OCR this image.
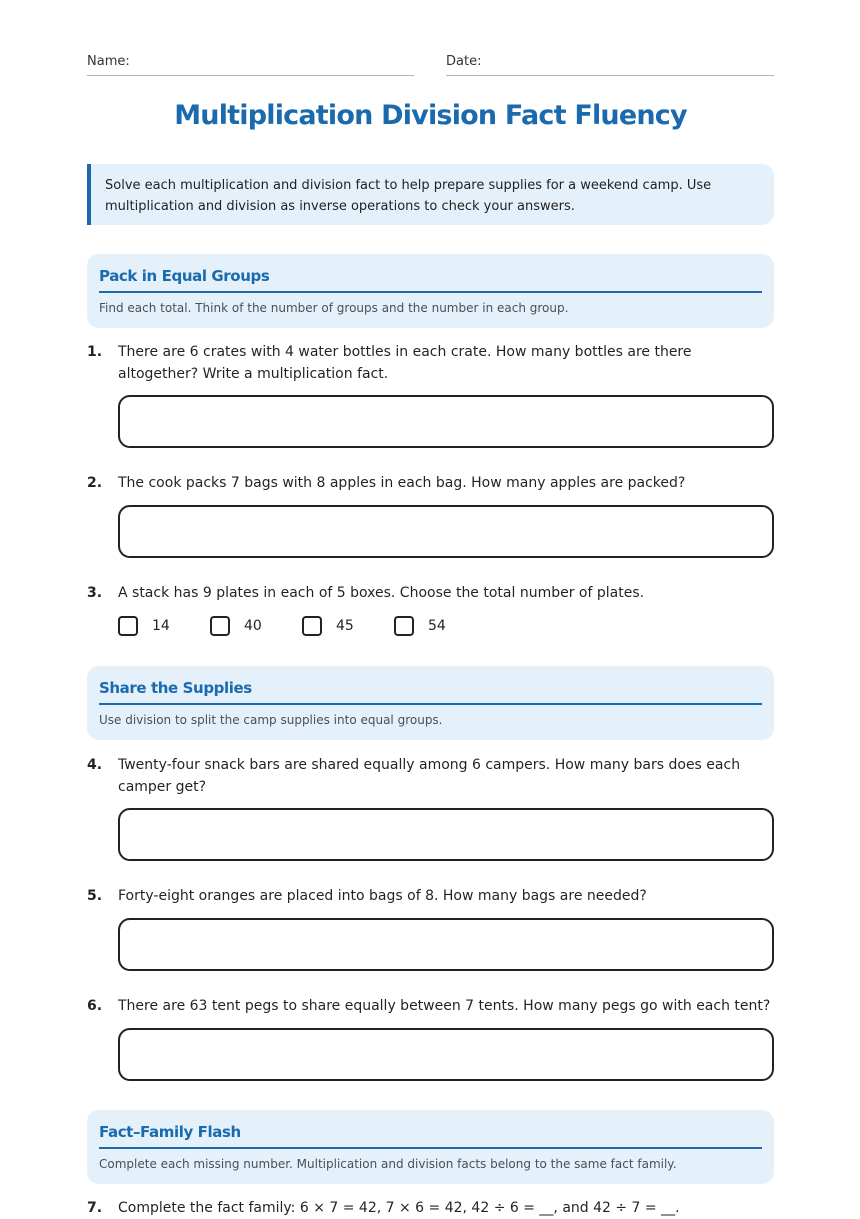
Name:	Date:
Multiplication Division Fact Fluency
Solve each multiplication and division fact to help prepare supplies for a weekend camp. Use multiplication and division as inverse operations to check your answers.
Pack in Equal Groups
Find each total. Think of the number of groups and the number in each group.
1. There are 6 crates with 4 water bottles in each crate. How many bottles are there altogether? Write a multiplication fact.
2. The cook packs 7 bags with 8 apples in each bag. How many apples are packed?
3. A stack has 9 plates in each of 5 boxes. Choose the total number of plates.
14	40	45	54
Share the Supplies
Use division to split the camp supplies into equal groups.
4. Twenty-four snack bars are shared equally among 6 campers. How many bars does each camper get?
5. Forty-eight oranges are placed into bags of 8. How many bags are needed?
6. There are 63 tent pegs to share equally between 7 tents. How many pegs go with each tent?
Fact–Family Flash
Complete each missing number. Multiplication and division facts belong to the same fact family.
7. Complete the fact family: 6 × 7 = 42, 7 × 6 = 42, 42 ÷ 6 = __, and 42 ÷ 7 = __.
